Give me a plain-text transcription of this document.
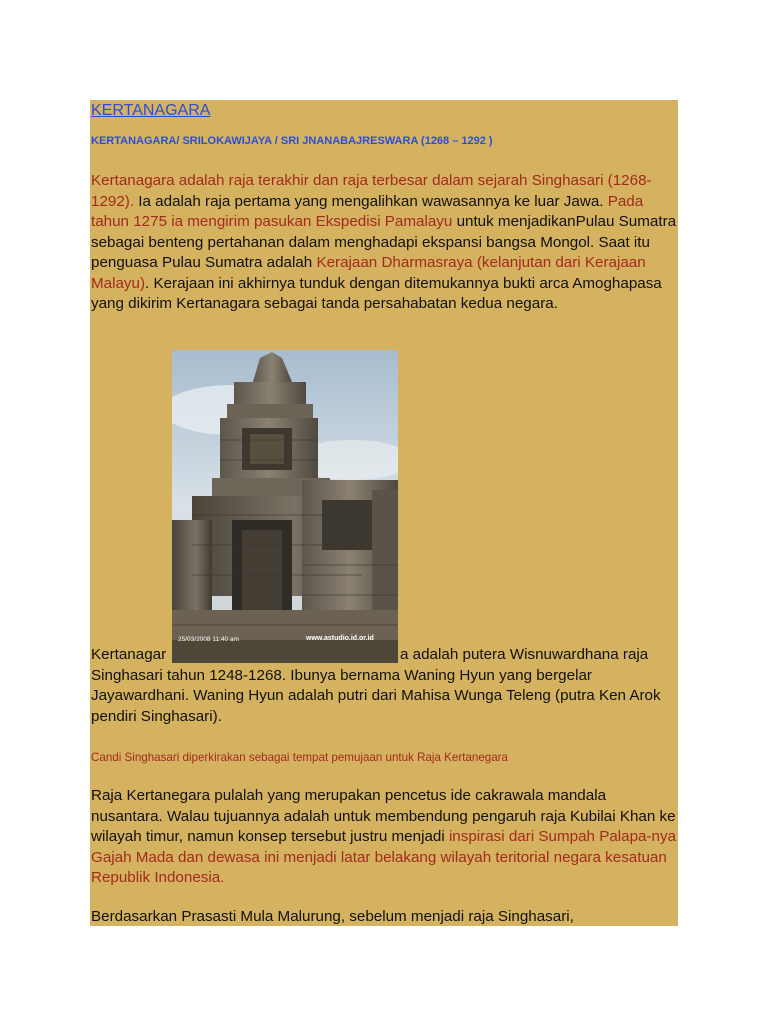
KERTANAGARA

KERTANAGARA/ SRILOKAWIJAYA / SRI JNANABAJRESWARA (1268 – 1292 )

Kertanagara adalah raja terakhir dan raja terbesar dalam sejarah Singhasari (1268-1292). Ia adalah raja pertama yang mengalihkan wawasannya ke luar Jawa. Pada tahun 1275 ia mengirim pasukan Ekspedisi Pamalayu untuk menjadikanPulau Sumatra sebagai benteng pertahanan dalam menghadapi ekspansi bangsa Mongol. Saat itu penguasa Pulau Sumatra adalah Kerajaan Dharmasraya (kelanjutan dari Kerajaan Malayu). Kerajaan ini akhirnya tunduk dengan ditemukannya bukti arca Amoghapasa yang dikirim Kertanagara sebagai tanda persahabatan kedua negara.

25/03/2008 11:40 am	www.astudio.id.or.id

Kertanagar	a adalah putera Wisnuwardhana raja

Singhasari tahun 1248-1268. Ibunya bernama Waning Hyun yang bergelar Jayawardhani. Waning Hyun adalah putri dari Mahisa Wunga Teleng (putra Ken Arok pendiri Singhasari).

Candi Singhasari diperkirakan sebagai tempat pemujaan untuk Raja Kertanegara

Raja Kertanegara pulalah yang merupakan pencetus ide cakrawala mandala nusantara. Walau tujuannya adalah untuk membendung pengaruh raja Kubilai Khan ke wilayah timur, namun konsep tersebut justru menjadi inspirasi dari Sumpah Palapa-nya Gajah Mada dan dewasa ini menjadi latar belakang wilayah teritorial negara kesatuan Republik Indonesia.

Berdasarkan Prasasti Mula Malurung, sebelum menjadi raja Singhasari,
